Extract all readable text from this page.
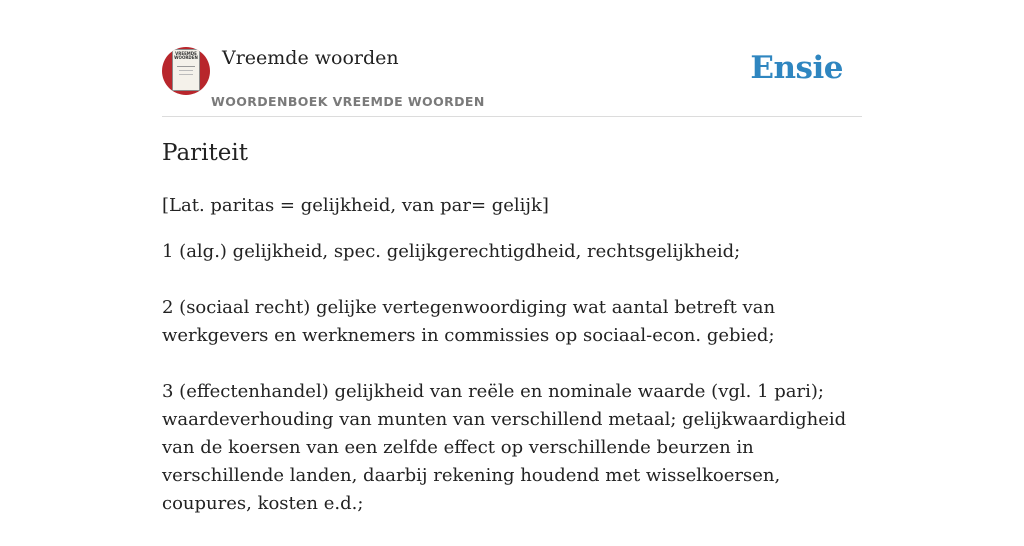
VREEMDE WOORDEN Vreemde woorden
WOORDENBOEK VREEMDE WOORDEN
Ensie
Pariteit

[Lat. paritas = gelijkheid, van par= gelijk]

1 (alg.) gelijkheid, spec. gelijkgerechtigdheid, rechtsgelijkheid;

2 (sociaal recht) gelijke vertegenwoordiging wat aantal betreft van werkgevers en werknemers in commissies op sociaal-econ. gebied;

3 (effectenhandel) gelijkheid van reële en nominale waarde (vgl. 1 pari); waardeverhouding van munten van verschillend metaal; gelijkwaardigheid van de koersen van een zelfde effect op verschillende beurzen in verschillende landen, daarbij rekening houdend met wisselkoersen, coupures, kosten e.d.;
